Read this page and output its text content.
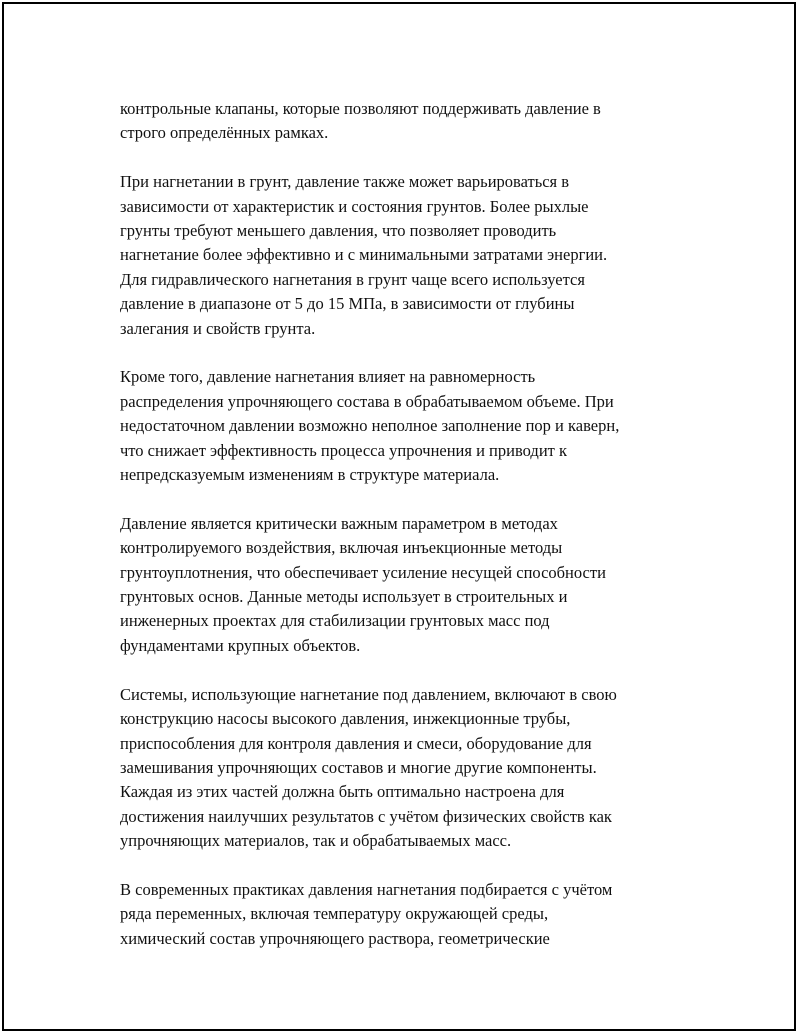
контрольные клапаны, которые позволяют поддерживать давление в
строго определённых рамках.

При нагнетании в грунт, давление также может варьироваться в
зависимости от характеристик и состояния грунтов. Более рыхлые
грунты требуют меньшего давления, что позволяет проводить
нагнетание более эффективно и с минимальными затратами энергии.
Для гидравлического нагнетания в грунт чаще всего используется
давление в диапазоне от 5 до 15 МПа, в зависимости от глубины
залегания и свойств грунта.

Кроме того, давление нагнетания влияет на равномерность
распределения упрочняющего состава в обрабатываемом объеме. При
недостаточном давлении возможно неполное заполнение пор и каверн,
что снижает эффективность процесса упрочнения и приводит к
непредсказуемым изменениям в структуре материала.

Давление является критически важным параметром в методах
контролируемого воздействия, включая инъекционные методы
грунтоуплотнения, что обеспечивает усиление несущей способности
грунтовых основ. Данные методы использует в строительных и
инженерных проектах для стабилизации грунтовых масс под
фундаментами крупных объектов.

Системы, использующие нагнетание под давлением, включают в свою
конструкцию насосы высокого давления, инжекционные трубы,
приспособления для контроля давления и смеси, оборудование для
замешивания упрочняющих составов и многие другие компоненты.
Каждая из этих частей должна быть оптимально настроена для
достижения наилучших результатов с учётом физических свойств как
упрочняющих материалов, так и обрабатываемых масс.

В современных практиках давления нагнетания подбирается с учётом
ряда переменных, включая температуру окружающей среды,
химический состав упрочняющего раствора, геометрические
